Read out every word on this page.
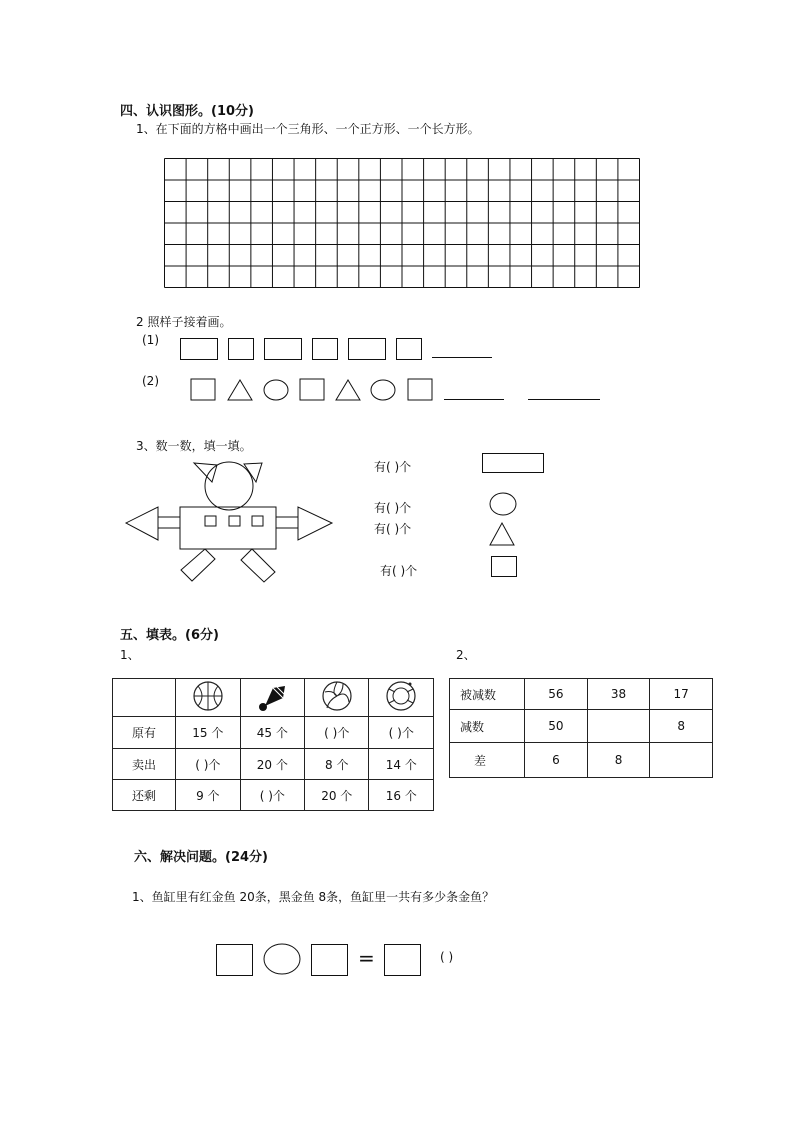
四、认识图形。(10分)
1、在下面的方格中画出一个三角形、一个正方形、一个长方形。
2 照样子接着画。
(1)
(2)
3、数一数，填一填。
有( )个
有( )个
有( )个
有( )个
五、填表。(6分)
1、	2、

原有	15 个	45 个	( )个	( )个
卖出	( )个	20 个	8 个	14 个
还剩	9 个	( )个	20 个	16 个
被减数	56	38	17
减数	50		8
差	6	8	
六、解决问题。(24分)
1、鱼缸里有红金鱼 20条，黑金鱼 8条，鱼缸里一共有多少条金鱼？
=	( )
